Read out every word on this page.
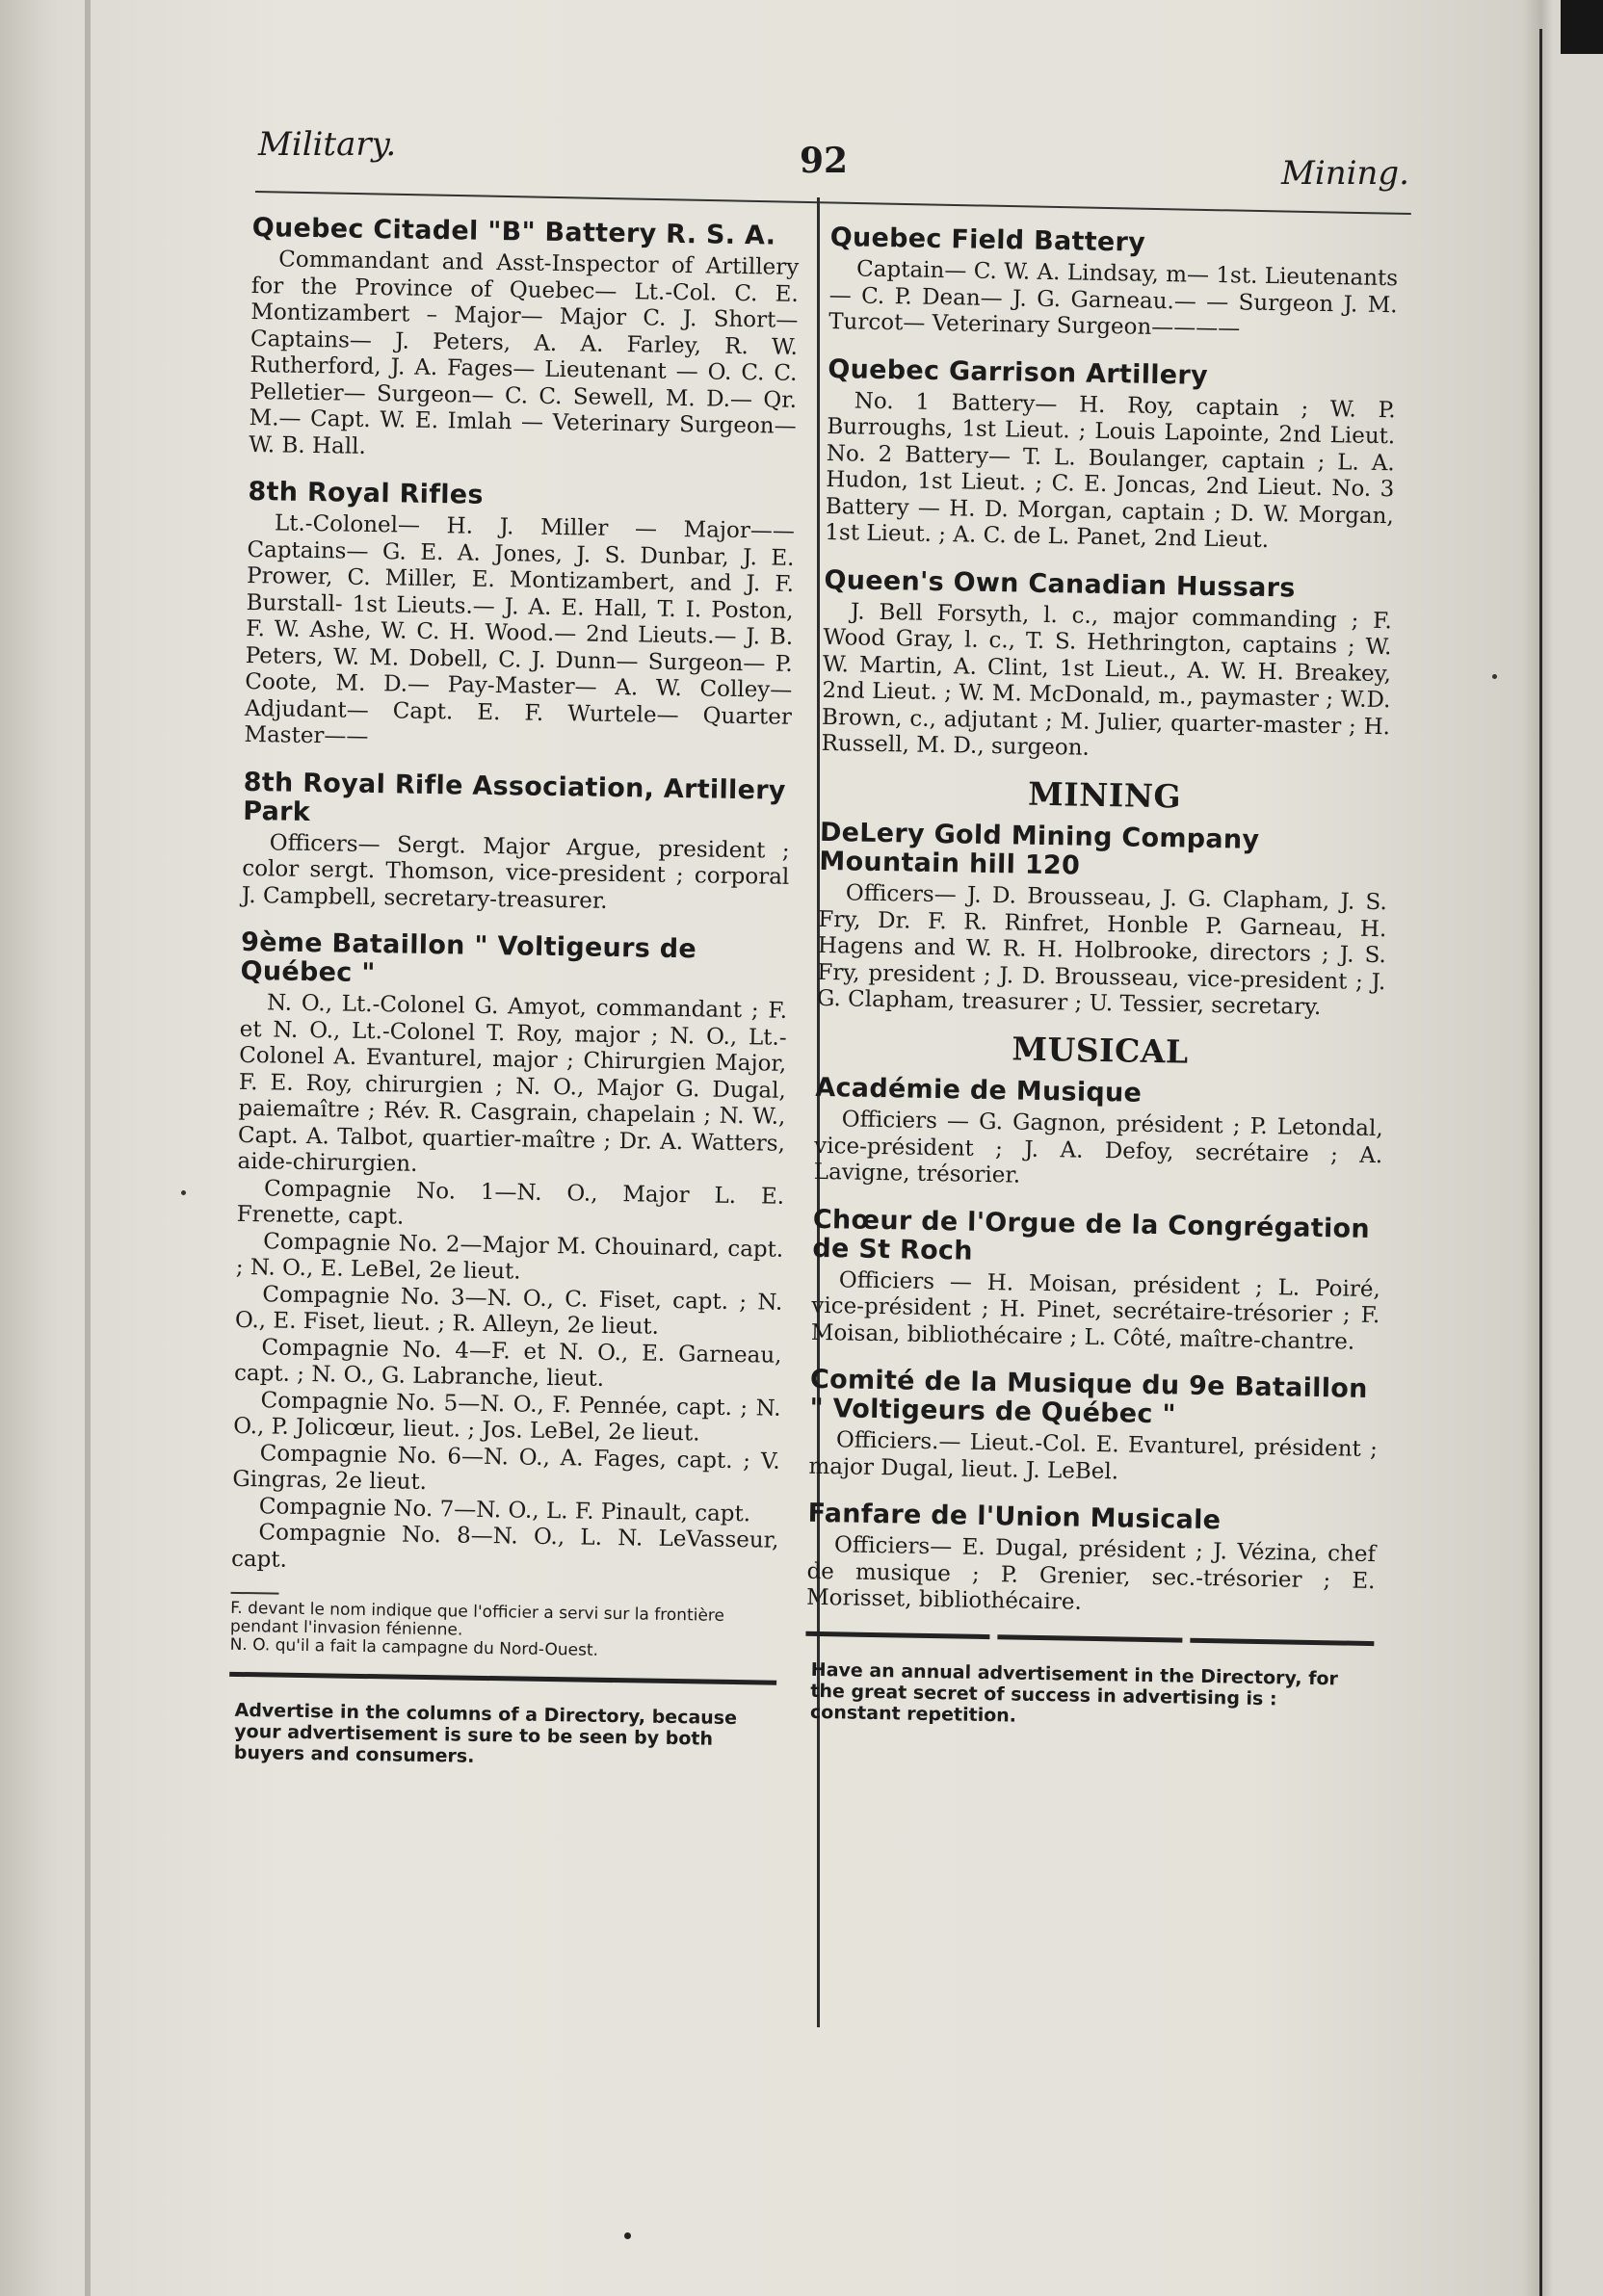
Military.	92	Mining.
Quebec Citadel "B" Battery R. S. A.

Commandant and Asst-Inspector of Artillery for the Province of Quebec— Lt.-Col. C. E. Montizambert – Major— Major C. J. Short— Captains— J. Peters, A. A. Farley, R. W. Rutherford, J. A. Fages— Lieutenant — O. C. C. Pelletier— Surgeon— C. C. Sewell, M. D.— Qr. M.— Capt. W. E. Imlah — Veterinary Surgeon— W. B. Hall.

8th Royal Rifles

Lt.-Colonel— H. J. Miller — Major—— Captains— G. E. A. Jones, J. S. Dunbar, J. E. Prower, C. Miller, E. Montizambert, and J. F. Burstall- 1st Lieuts.— J. A. E. Hall, T. I. Poston, F. W. Ashe, W. C. H. Wood.— 2nd Lieuts.— J. B. Peters, W. M. Dobell, C. J. Dunn— Surgeon— P. Coote, M. D.— Pay-Master— A. W. Colley— Adjudant— Capt. E. F. Wurtele— Quarter Master——

8th Royal Rifle Association, Artillery Park

Officers— Sergt. Major Argue, president ; color sergt. Thomson, vice-president ; corporal J. Campbell, secretary-treasurer.

9ème Bataillon " Voltigeurs de Québec "

N. O., Lt.-Colonel G. Amyot, commandant ; F. et N. O., Lt.-Colonel T. Roy, major ; N. O., Lt.-Colonel A. Evanturel, major ; Chirurgien Major, F. E. Roy, chirurgien ; N. O., Major G. Dugal, paiemaître ; Rév. R. Casgrain, chapelain ; N. W., Capt. A. Talbot, quartier-maître ; Dr. A. Watters, aide-chirurgien.

Compagnie No. 1—N. O., Major L. E. Frenette, capt.

Compagnie No. 2—Major M. Chouinard, capt. ; N. O., E. LeBel, 2e lieut.

Compagnie No. 3—N. O., C. Fiset, capt. ; N. O., E. Fiset, lieut. ; R. Alleyn, 2e lieut.

Compagnie No. 4—F. et N. O., E. Garneau, capt. ; N. O., G. Labranche, lieut.

Compagnie No. 5—N. O., F. Pennée, capt. ; N. O., P. Jolicœur, lieut. ; Jos. LeBel, 2e lieut.

Compagnie No. 6—N. O., A. Fages, capt. ; V. Gingras, 2e lieut.

Compagnie No. 7—N. O., L. F. Pinault, capt.

Compagnie No. 8—N. O., L. N. LeVasseur, capt.

F. devant le nom indique que l'officier a servi sur la frontière pendant l'invasion fénienne.

N. O. qu'il a fait la campagne du Nord-Ouest.

Advertise in the columns of a Directory, because your advertisement is sure to be seen by both buyers and consumers.
Quebec Field Battery

Captain— C. W. A. Lindsay, m— 1st. Lieutenants— C. P. Dean— J. G. Garneau.— — Surgeon J. M. Turcot— Veterinary Surgeon————

Quebec Garrison Artillery

No. 1 Battery— H. Roy, captain ; W. P. Burroughs, 1st Lieut. ; Louis Lapointe, 2nd Lieut. No. 2 Battery— T. L. Boulanger, captain ; L. A. Hudon, 1st Lieut. ; C. E. Joncas, 2nd Lieut. No. 3 Battery — H. D. Morgan, captain ; D. W. Morgan, 1st Lieut. ; A. C. de L. Panet, 2nd Lieut.

Queen's Own Canadian Hussars

J. Bell Forsyth, l. c., major commanding ; F. Wood Gray, l. c., T. S. Hethrington, captains ; W. W. Martin, A. Clint, 1st Lieut., A. W. H. Breakey, 2nd Lieut. ; W. M. McDonald, m., paymaster ; W.D. Brown, c., adjutant ; M. Julier, quarter-master ; H. Russell, M. D., surgeon.

MINING
DeLery Gold Mining Company Mountain hill 120

Officers— J. D. Brousseau, J. G. Clapham, J. S. Fry, Dr. F. R. Rinfret, Honble P. Garneau, H. Hagens and W. R. H. Holbrooke, directors ; J. S. Fry, president ; J. D. Brousseau, vice-president ; J. G. Clapham, treasurer ; U. Tessier, secretary.

MUSICAL
Académie de Musique

Officiers — G. Gagnon, président ; P. Letondal, vice-président ; J. A. Defoy, secrétaire ; A. Lavigne, trésorier.

Chœur de l'Orgue de la Congrégation de St Roch

Officiers — H. Moisan, président ; L. Poiré, vice-président ; H. Pinet, secrétaire-trésorier ; F. Moisan, bibliothécaire ; L. Côté, maître-chantre.

Comité de la Musique du 9e Bataillon " Voltigeurs de Québec "

Officiers.— Lieut.-Col. E. Evanturel, président ; major Dugal, lieut. J. LeBel.

Fanfare de l'Union Musicale

Officiers— E. Dugal, président ; J. Vézina, chef de musique ; P. Grenier, sec.-trésorier ; E. Morisset, bibliothécaire.

Have an annual advertisement in the Directory, for the great secret of success in advertising is : constant repetition.
